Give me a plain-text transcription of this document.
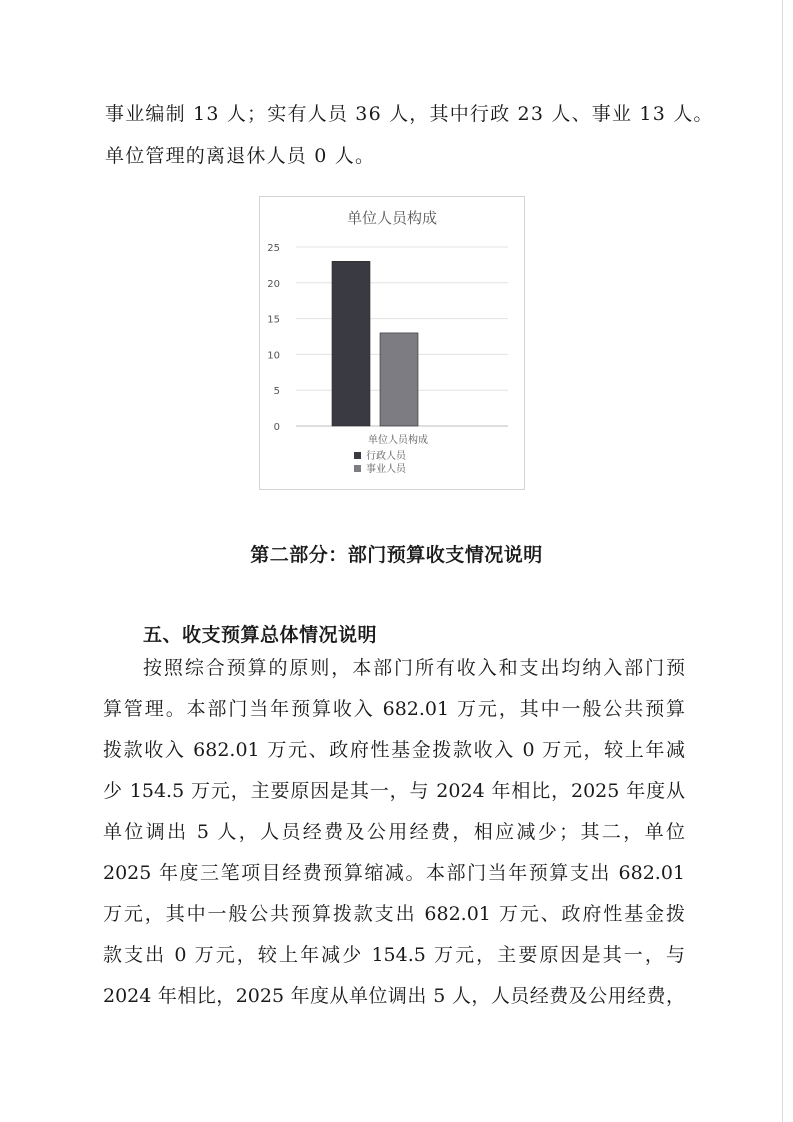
事业编制 13 人；实有人员 36 人，其中行政 23 人、事业 13 人。
单位管理的离退休人员 0 人。
单位人员构成
0
5
10
15
20
25
单位人员构成
行政人员
事业人员
第二部分：部门预算收支情况说明
五、收支预算总体情况说明
按照综合预算的原则，本部门所有收入和支出均纳入部门预
算管理。本部门当年预算收入 682.01 万元，其中一般公共预算
拨款收入 682.01 万元、政府性基金拨款收入 0 万元，较上年减
少 154.5 万元，主要原因是其一，与 2024 年相比，2025 年度从
单位调出 5 人，人员经费及公用经费，相应减少；其二，单位
2025 年度三笔项目经费预算缩减。本部门当年预算支出 682.01
万元，其中一般公共预算拨款支出 682.01 万元、政府性基金拨
款支出 0 万元，较上年减少 154.5 万元，主要原因是其一，与
2024 年相比，2025 年度从单位调出 5 人，人员经费及公用经费，
